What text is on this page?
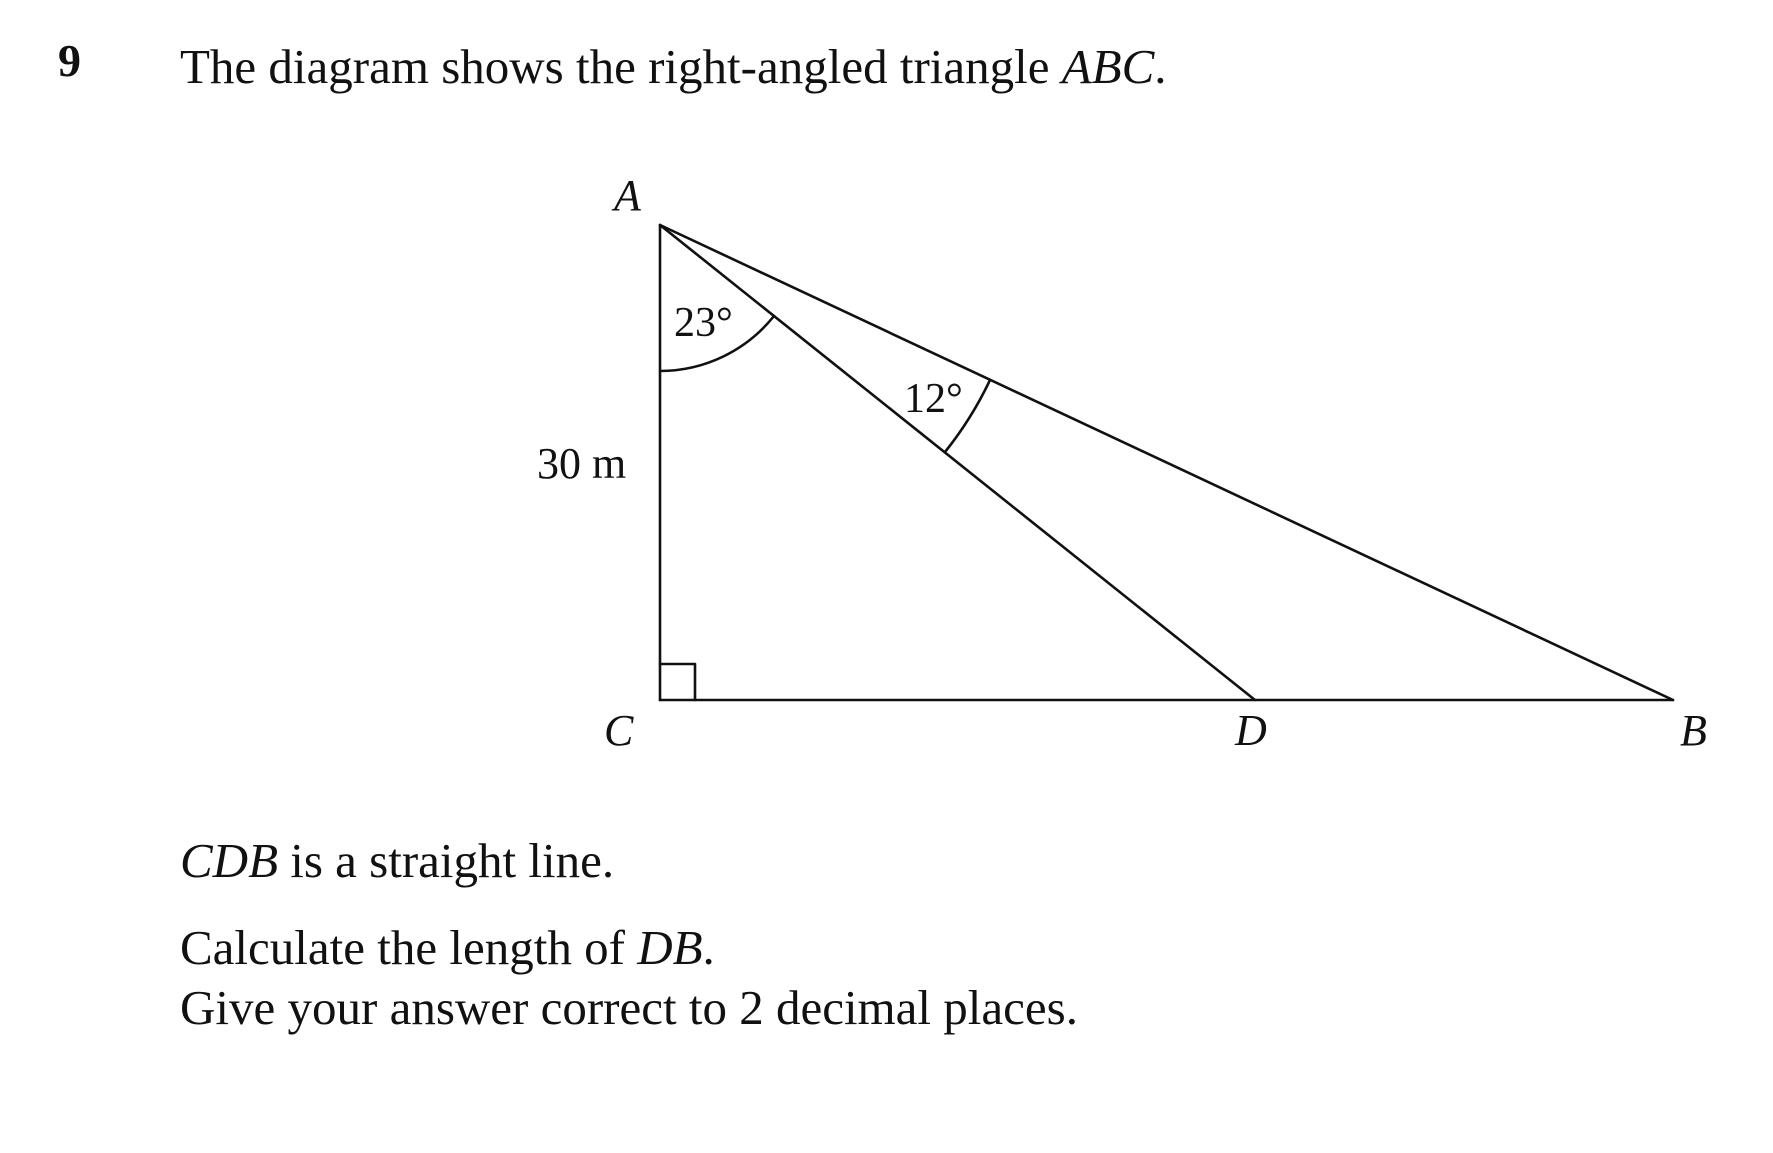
9 The diagram shows the right-angled triangle ABC.
A
C	D	B
23°
12°
30 m
CDB is a straight line.
Calculate the length of DB.
Give your answer correct to 2 decimal places.
